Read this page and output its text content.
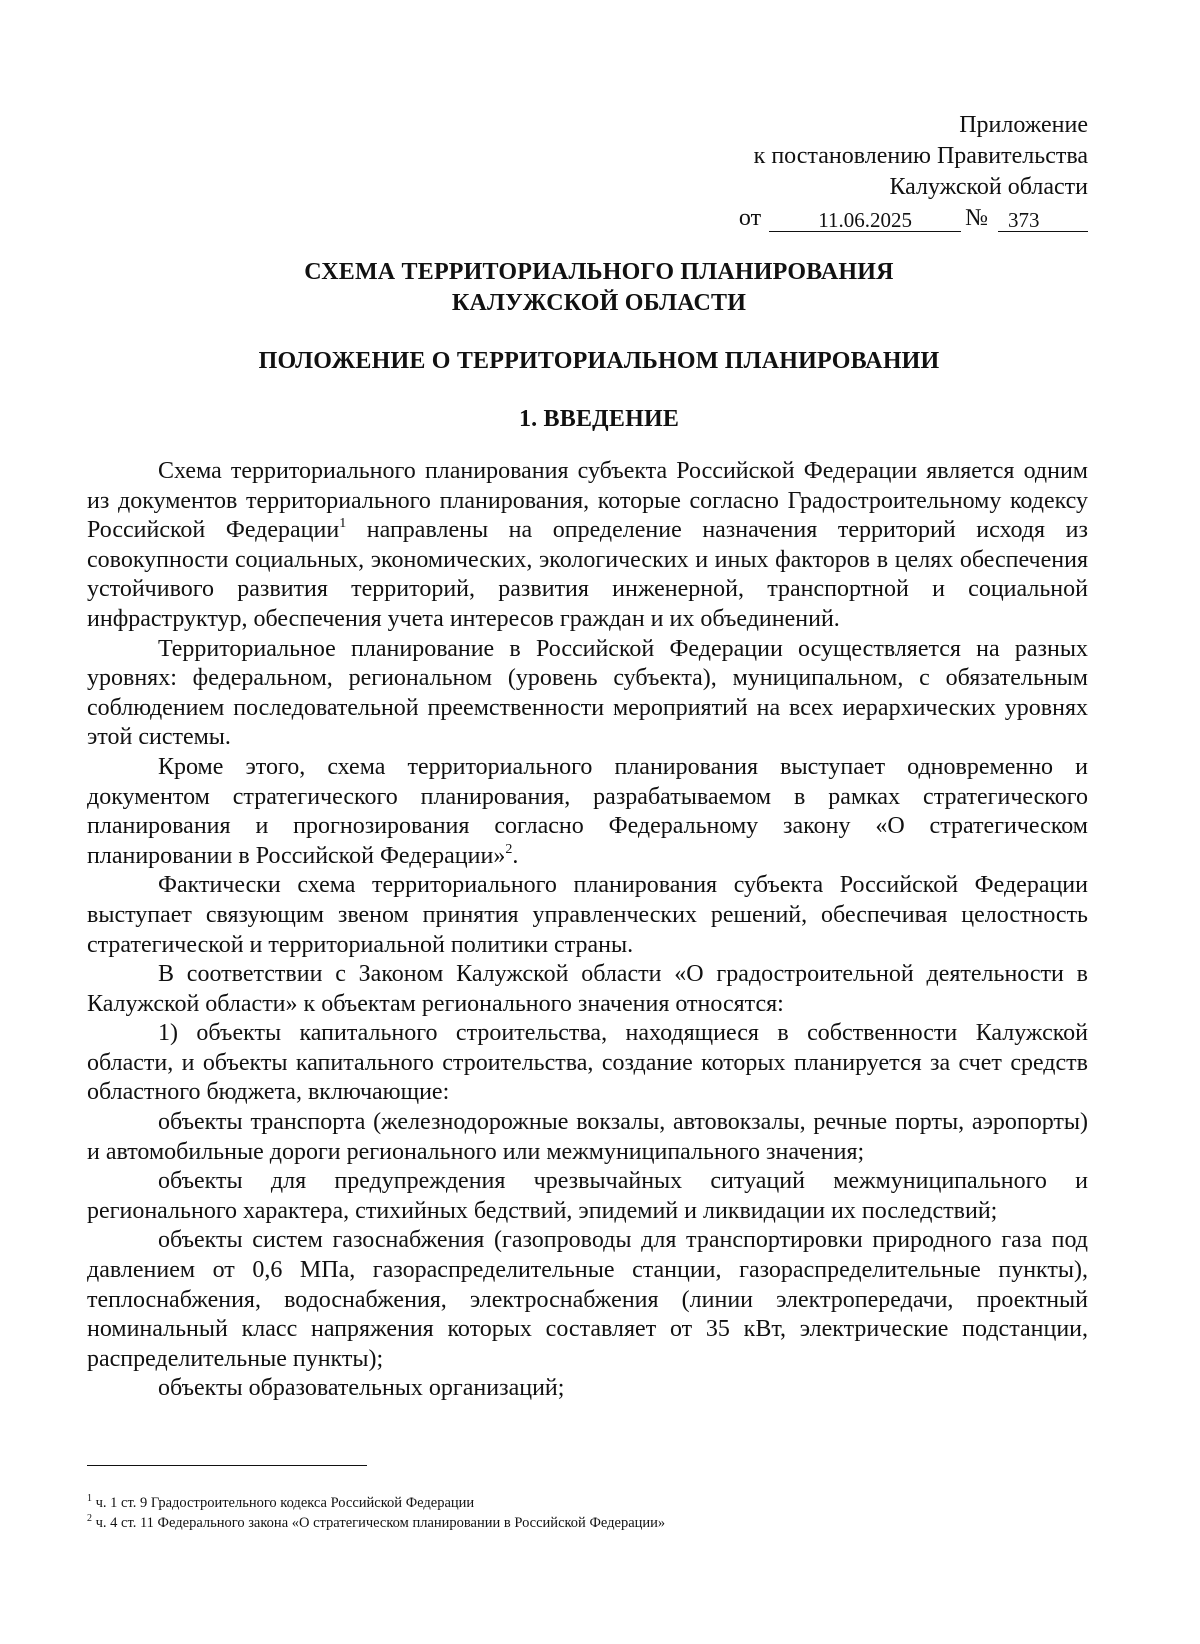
Приложение
к постановлению Правительства
Калужской области
от	11.06.2025	№ 373
СХЕМА ТЕРРИТОРИАЛЬНОГО ПЛАНИРОВАНИЯ
КАЛУЖСКОЙ ОБЛАСТИ
ПОЛОЖЕНИЕ О ТЕРРИТОРИАЛЬНОМ ПЛАНИРОВАНИИ
1. ВВЕДЕНИЕ

Схема территориального планирования субъекта Российской Федерации является одним из документов территориального планирования, которые согласно Градостроительному кодексу Российской Федерации$^1$ направлены на определение назначения территорий исходя из совокупности социальных, экономических, экологических и иных факторов в целях обеспечения устойчивого развития территорий, развития инженерной, транспортной и социальной инфраструктур, обеспечения учета интересов граждан и их объединений.

Территориальное планирование в Российской Федерации осуществляется на разных уровнях: федеральном, региональном (уровень субъекта), муниципальном, с обязательным соблюдением последовательной преемственности мероприятий на всех иерархических уровнях этой системы.

Кроме этого, схема территориального планирования выступает одновременно и документом стратегического планирования, разрабатываемом в рамках стратегического планирования и прогнозирования согласно Федеральному закону «О стратегическом планировании в Российской Федерации»$^2$.

Фактически схема территориального планирования субъекта Российской Федерации выступает связующим звеном принятия управленческих решений, обеспечивая целостность стратегической и территориальной политики страны.

В соответствии с Законом Калужской области «О градостроительной деятельности в Калужской области» к объектам регионального значения относятся:

1) объекты капитального строительства, находящиеся в собственности Калужской области, и объекты капитального строительства, создание которых планируется за счет средств областного бюджета, включающие:

объекты транспорта (железнодорожные вокзалы, автовокзалы, речные порты, аэропорты) и автомобильные дороги регионального или межмуниципального значения;

объекты для предупреждения чрезвычайных ситуаций межмуниципального и регионального характера, стихийных бедствий, эпидемий и ликвидации их последствий;

объекты систем газоснабжения (газопроводы для транспортировки природного газа под давлением от 0,6 МПа, газораспределительные станции, газораспределительные пункты), теплоснабжения, водоснабжения, электроснабжения (линии электропередачи, проектный номинальный класс напряжения которых составляет от 35 кВт, электрические подстанции, распределительные пункты);

объекты образовательных организаций;

$^1$ ч. 1 ст. 9 Градостроительного кодекса Российской Федерации
$^2$ ч. 4 ст. 11 Федерального закона «О стратегическом планировании в Российской Федерации»
